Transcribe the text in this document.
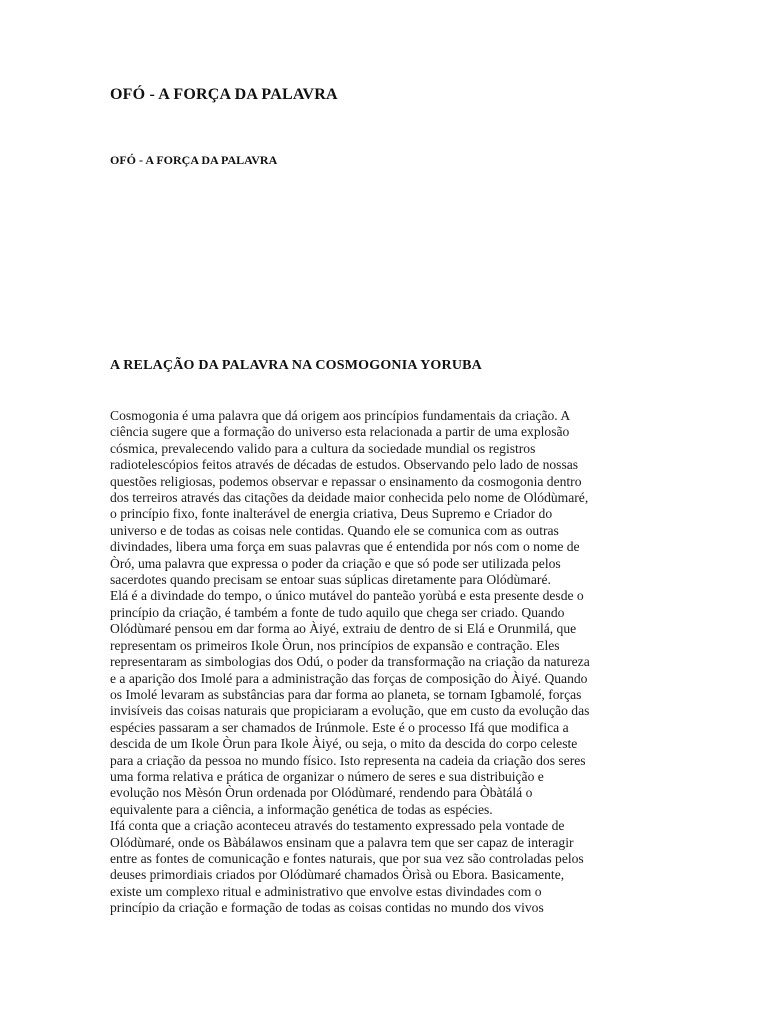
OFÓ - A FORÇA DA PALAVRA
OFÓ - A FORÇA DA PALAVRA
A RELAÇÃO DA PALAVRA NA COSMOGONIA YORUBA

Cosmogonia é uma palavra que dá origem aos princípios fundamentais da criação. A
ciência sugere que a formação do universo esta relacionada a partir de uma explosão
cósmica, prevalecendo valido para a cultura da sociedade mundial os registros
radiotelescópios feitos através de décadas de estudos. Observando pelo lado de nossas
questões religiosas, podemos observar e repassar o ensinamento da cosmogonia dentro
dos terreiros através das citações da deidade maior conhecida pelo nome de Olódùmaré,
o princípio fixo, fonte inalterável de energia criativa, Deus Supremo e Criador do
universo e de todas as coisas nele contidas. Quando ele se comunica com as outras
divindades, libera uma força em suas palavras que é entendida por nós com o nome de
Òró, uma palavra que expressa o poder da criação e que só pode ser utilizada pelos
sacerdotes quando precisam se entoar suas súplicas diretamente para Olódùmaré.

Elá é a divindade do tempo, o único mutável do panteão yorùbá e esta presente desde o
princípio da criação, é também a fonte de tudo aquilo que chega ser criado. Quando
Olódùmaré pensou em dar forma ao Àiyé, extraiu de dentro de si Elá e Orunmilá, que
representam os primeiros Ikole Òrun, nos princípios de expansão e contração. Eles
representaram as simbologias dos Odú, o poder da transformação na criação da natureza
e a aparição dos Imolé para a administração das forças de composição do Àiyé. Quando
os Imolé levaram as substâncias para dar forma ao planeta, se tornam Igbamolé, forças
invisíveis das coisas naturais que propiciaram a evolução, que em custo da evolução das
espécies passaram a ser chamados de Irúnmole. Este é o processo Ifá que modifica a
descida de um Ikole Òrun para Ikole Àiyé, ou seja, o mito da descida do corpo celeste
para a criação da pessoa no mundo físico. Isto representa na cadeia da criação dos seres
uma forma relativa e prática de organizar o número de seres e sua distribuição e
evolução nos Mèsón Òrun ordenada por Olódùmaré, rendendo para Òbàtálá o
equivalente para a ciência, a informação genética de todas as espécies.

Ifá conta que a criação aconteceu através do testamento expressado pela vontade de
Olódùmaré, onde os Bàbálawos ensinam que a palavra tem que ser capaz de interagir
entre as fontes de comunicação e fontes naturais, que por sua vez são controladas pelos
deuses primordiais criados por Olódùmaré chamados Òrìsà ou Ebora. Basicamente,
existe um complexo ritual e administrativo que envolve estas divindades com o
princípio da criação e formação de todas as coisas contidas no mundo dos vivos
